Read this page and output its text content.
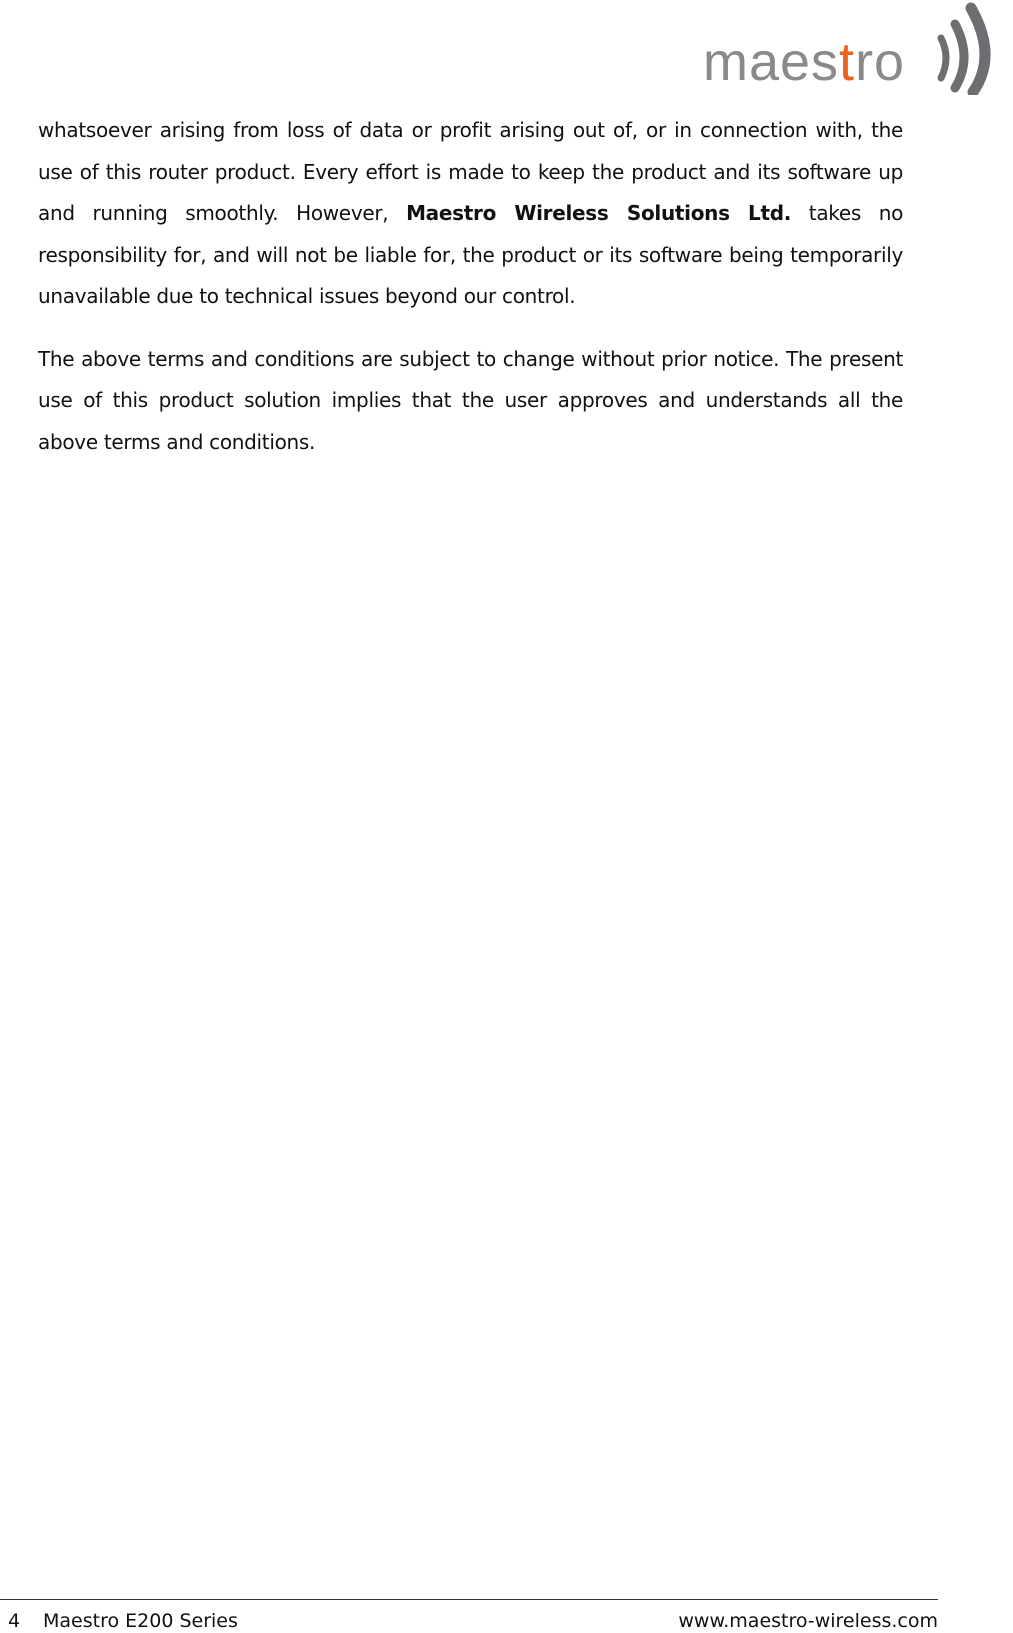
maestro

whatsoever arising from loss of data or profit arising out of, or in connection with, the use of this router product. Every effort is made to keep the product and its software up and running smoothly. However, Maestro Wireless Solutions Ltd. takes no responsibility for, and will not be liable for, the product or its software being temporarily unavailable due to technical issues beyond our control.

The above terms and conditions are subject to change without prior notice. The present use of this product solution implies that the user approves and understands all the above terms and conditions.

4 Maestro E200 Series	www.maestro-wireless.com
